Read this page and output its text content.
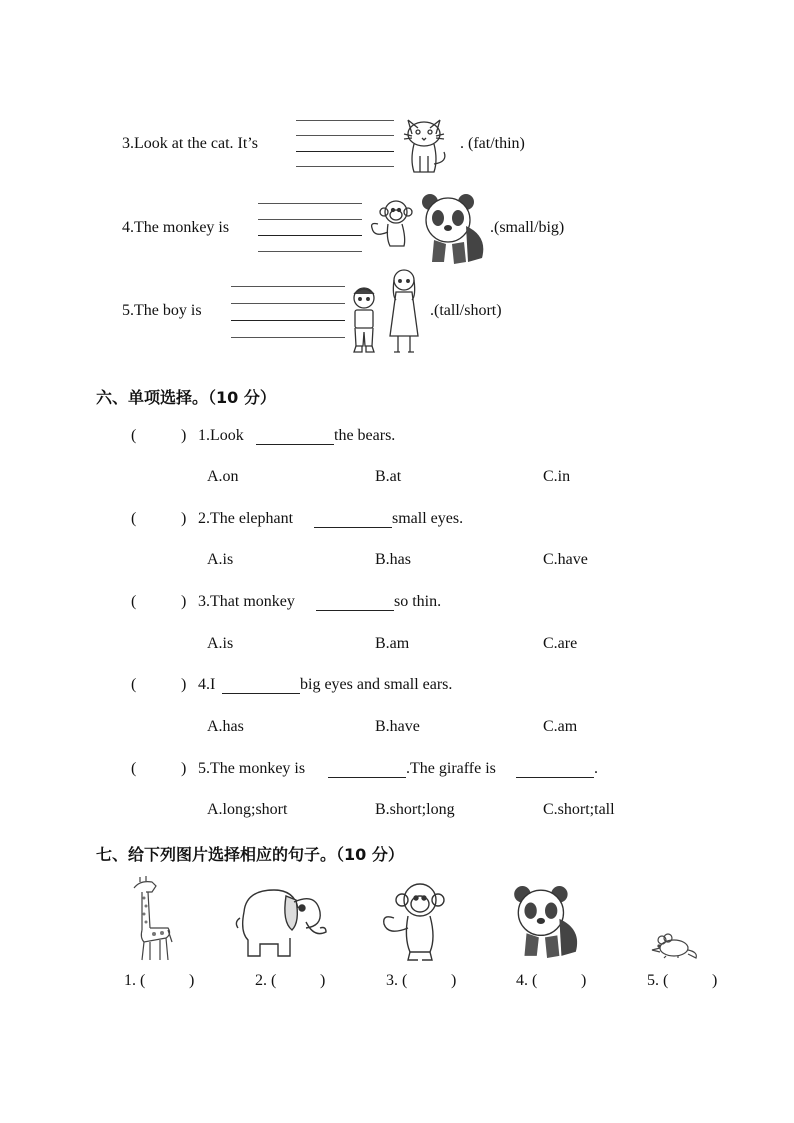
3.Look at the cat. It’s	. (fat/thin)
4.The monkey is	.(small/big)
5.The boy is	.(tall/short)
六、单项选择。（10 分）
(	) 1.Look	the bears.
A.on	B.at	C.in
(	) 2.The elephant	small eyes.
A.is	B.has	C.have
(	) 3.That monkey	so thin.
A.is	B.am	C.are
(	) 4.I	big eyes and small ears.
A.has	B.have	C.am
(	) 5.The monkey is	.The giraffe is	.
A.long;short	B.short;long	C.short;tall
七、给下列图片选择相应的句子。（10 分）
1. (	)	2. (	)	3. (	)	4. (	)	5. (	)
